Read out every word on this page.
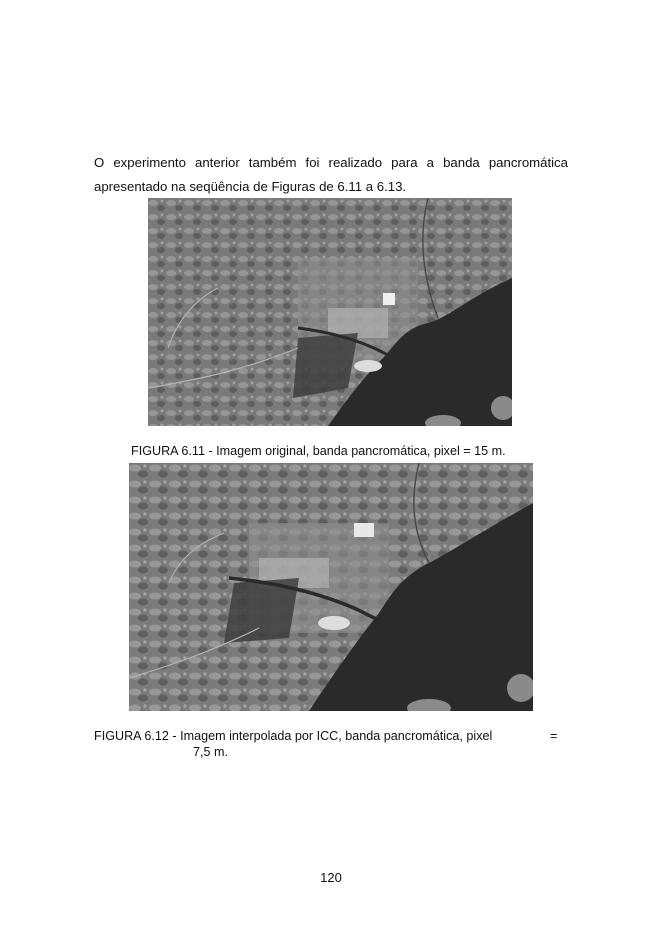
O experimento anterior também foi realizado para a banda pancromática apresentado na seqüência de Figuras de 6.11 a 6.13.

FIGURA 6.11 - Imagem original, banda pancromática, pixel = 15 m.
FIGURA 6.12 - Imagem interpolada por ICC, banda pancromática, pixel	=
7,5 m.
120
